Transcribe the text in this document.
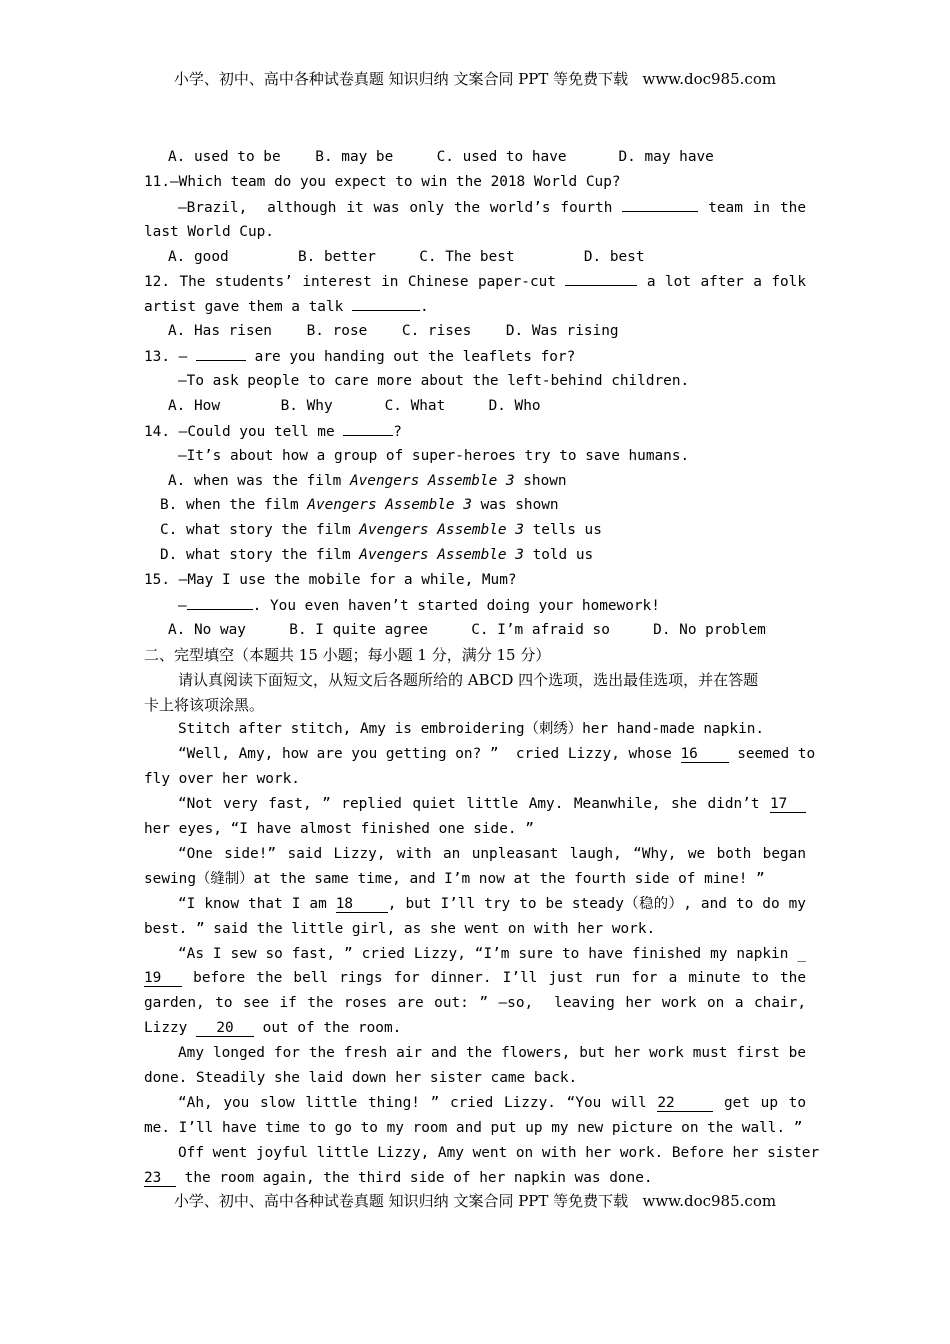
小学、初中、高中各种试卷真题 知识归纳 文案合同 PPT 等免费下载   www.doc985.com
A. used to be    B. may be     C. used to have      D. may have
11.—Which team do you expect to win the 2018 World Cup?
—Brazil,  although it was only the world’s fourth	team in the
last World Cup.
A. good        B. better     C. The best        D. best
12. The students’ interest in Chinese paper-cut	a lot after a folk
artist gave them a talk	.
A. Has risen    B. rose    C. rises    D. Was rising
13. —	are you handing out the leaflets for?
—To ask people to care more about the left-behind children.
A. How       B. Why      C. What     D. Who
14. —Could you tell me	?
—It’s about how a group of super-heroes try to save humans.
A. when was the film Avengers Assemble 3 shown
B. when the film Avengers Assemble 3 was shown
C. what story the film Avengers Assemble 3 tells us
D. what story the film Avengers Assemble 3 told us
15. —May I use the mobile for a while, Mum?
—	. You even haven’t started doing your homework!
A. No way     B. I quite agree     C. I’m afraid so     D. No problem
二、完型填空（本题共 15 小题；每小题 1 分，满分 15 分）
请认真阅读下面短文，从短文后各题所给的 ABCD 四个选项，选出最佳选项，并在答题
卡上将该项涂黑。
Stitch after stitch, Amy is embroidering（刺绣）her hand-made napkin.
“Well, Amy, how are you getting on? ”  cried Lizzy, whose 16	seemed to
fly over her work.
“Not very fast, ” replied quiet little Amy. Meanwhile, she didn’t 17
her eyes, “I have almost finished one side. ”
“One side!” said Lizzy, with an unpleasant laugh, “Why, we both began
sewing（缝制）at the same time, and I’m now at the fourth side of mine! ”
“I know that I am 18 , but I’ll try to be steady（稳的）, and to do my
best. ” said the little girl, as she went on with her work.
“As I sew so fast, ” cried Lizzy, “I’m sure to have finished my napkin _
19 before the bell rings for dinner. I’ll just run for a minute to the
garden, to see if the roses are out: ” —so,  leaving her work on a chair,
Lizzy 20 out of the room.
Amy longed for the fresh air and the flowers, but her work must first be
done. Steadily she laid down her sister came back.
“Ah, you slow little thing! ” cried Lizzy. “You will 22	get up to
me. I’ll have time to go to my room and put up my new picture on the wall. ”
Off went joyful little Lizzy, Amy went on with her work. Before her sister
23 the room again, the third side of her napkin was done.
小学、初中、高中各种试卷真题 知识归纳 文案合同 PPT 等免费下载   www.doc985.com
